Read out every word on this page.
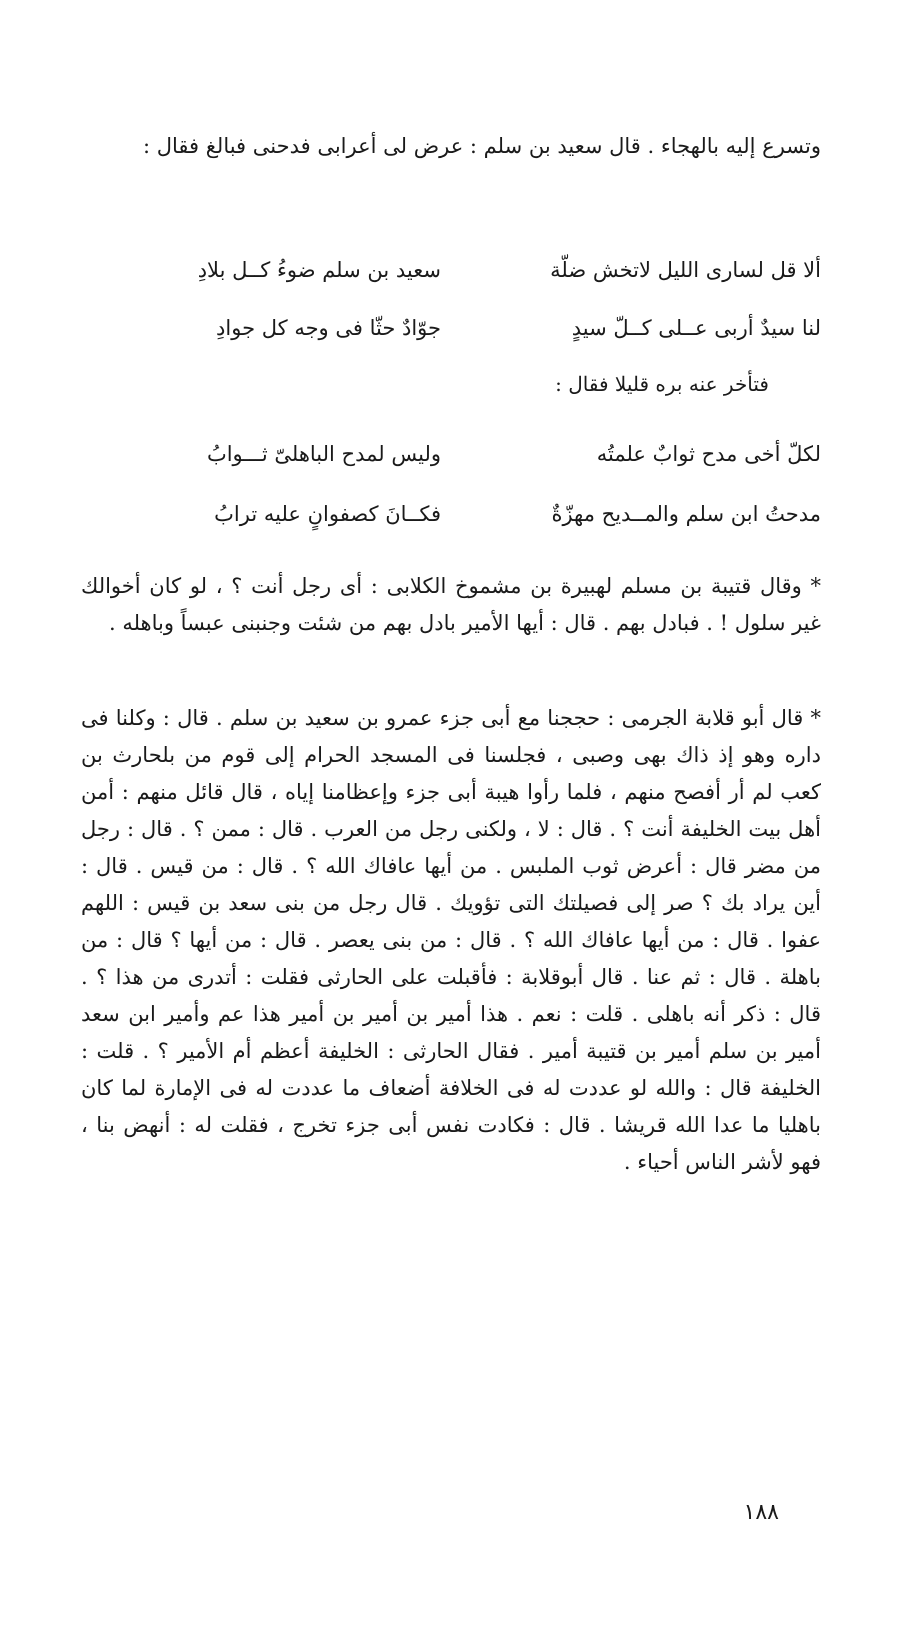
وتسرع إليه بالهجاء . قال سعيد بن سلم : عرض لى أعرابى فدحنى فبالغ فقال :

ألا قل لسارى الليل لاتخش ضلّة
سعيد بن سلم ضوءُ كــل بلادِ
لنا سيدٌ أربى عــلى كــلّ سيدٍ
جوّادٌ حثّا فى وجه كل جوادِ
فتأخر عنه بره قليلا فقال :
لكلّ أخى مدح ثوابٌ علمتُه
وليس لمدح الباهلىّ ثـــوابُ
مدحتُ ابن سلم والمــديح مهزّةٌ
فكــانَ كصفوانٍ عليه ترابُ

* وقال قتيبة بن مسلم لهبيرة بن مشموخ الكلابى : أى رجل أنت ؟ ، لو كان أخوالك غير سلول ! . فبادل بهم . قال : أيها الأمير بادل بهم من شئت وجنبنى عبساً وباهله .

* قال أبو قلابة الجرمى : حججنا مع أبى جزء عمرو بن سعيد بن سلم . قال : وكلنا فى داره وهو إذ ذاك بهى وصبى ، فجلسنا فى المسجد الحرام إلى قوم من بلحارث بن كعب لم أر أفصح منهم ، فلما رأوا هيبة أبى جزء وإعظامنا إياه ، قال قائل منهم : أمن أهل بيت الخليفة أنت ؟ . قال : لا ، ولكنى رجل من العرب . قال : ممن ؟ . قال : رجل من مضر قال : أعرض ثوب الملبس . من أيها عافاك الله ؟ . قال : من قيس . قال : أين يراد بك ؟ صر إلى فصيلتك التى تؤويك . قال رجل من بنى سعد بن قيس : اللهم عفوا . قال : من أيها عافاك الله ؟ . قال : من بنى يعصر . قال : من أيها ؟ قال : من باهلة . قال : ثم عنا . قال أبوقلابة : فأقبلت على الحارثى فقلت : أتدرى من هذا ؟ . قال : ذكر أنه باهلى . قلت : نعم . هذا أمير بن أمير بن أمير هذا عم وأمير ابن سعد أمير بن سلم أمير بن قتيبة أمير . فقال الحارثى : الخليفة أعظم أم الأمير ؟ . قلت : الخليفة قال : والله لو عددت له فى الخلافة أضعاف ما عددت له فى الإمارة لما كان باهليا ما عدا الله قريشا . قال : فكادت نفس أبى جزء تخرج ، فقلت له : أنهض بنا ، فهو لأشر الناس أحياء .

١٨٨
